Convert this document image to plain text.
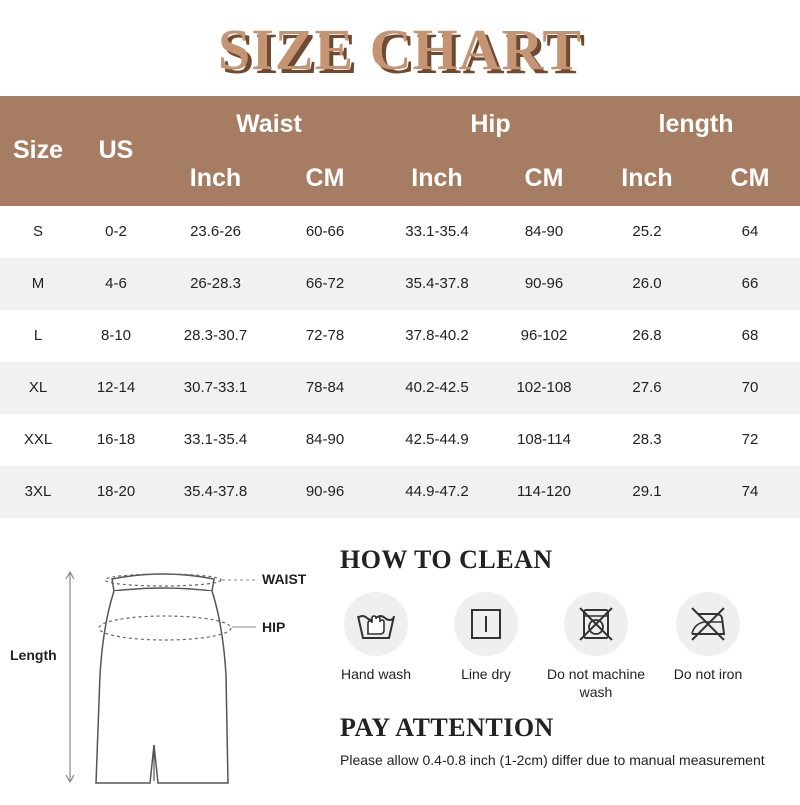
SIZE CHART
Size	US
Waist	Hip	length
Inch	CM	Inch	CM	Inch	CM
S	0-2	23.6-26	60-66	33.1-35.4	84-90	25.2	64
M	4-6	26-28.3	66-72	35.4-37.8	90-96	26.0	66
L	8-10	28.3-30.7	72-78	37.8-40.2	96-102	26.8	68
XL	12-14	30.7-33.1	78-84	40.2-42.5	102-108	27.6	70
XXL	16-18	33.1-35.4	84-90	42.5-44.9	108-114	28.3	72
3XL	18-20	35.4-37.8	90-96	44.9-47.2	114-120	29.1	74
WAIST
HIP
Length
HOW TO CLEAN
Hand wash	Line dry	Do not machine wash
Do not iron
PAY ATTENTION
Please allow 0.4-0.8 inch (1-2cm) differ due to manual measurement
